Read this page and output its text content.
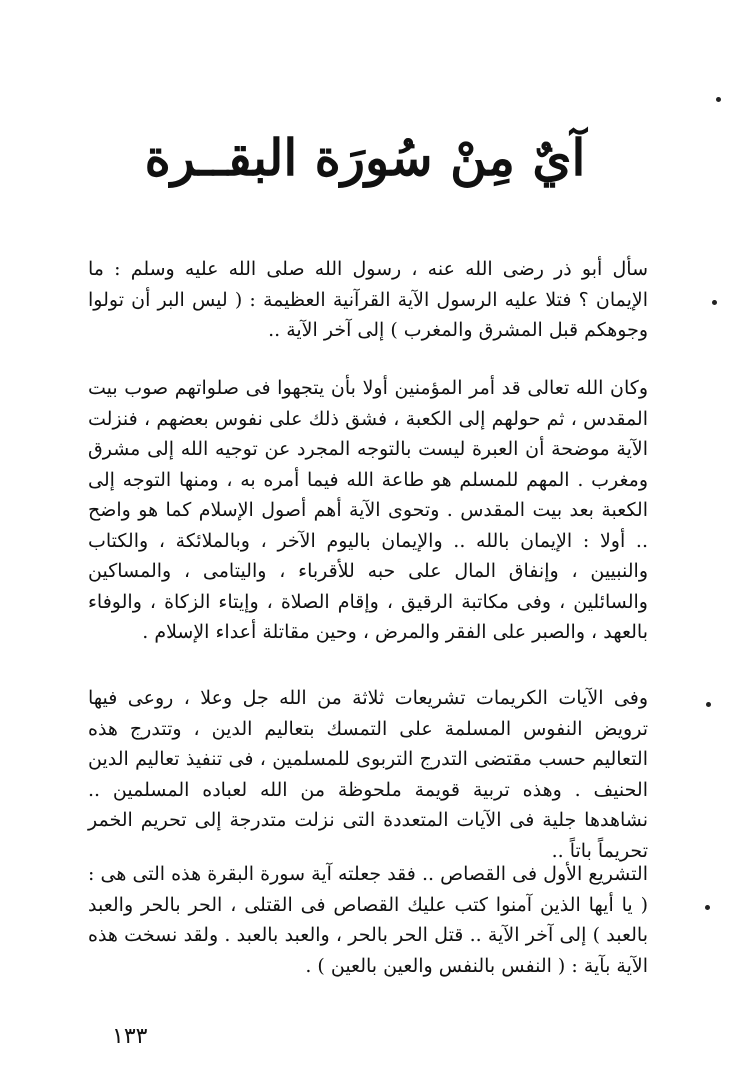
آيٌ مِنْ سُورَة البقــرة

سأل أبو ذر رضى الله عنه ، رسول الله صلى الله عليه وسلم : ما الإيمان ؟ فتلا عليه الرسول الآية القرآنية العظيمة : ( ليس البر أن تولوا وجوهكم قبل المشرق والمغرب ) إلى آخر الآية ..

وكان الله تعالى قد أمر المؤمنين أولا بأن يتجهوا فى صلواتهم صوب بيت المقدس ، ثم حولهم إلى الكعبة ، فشق ذلك على نفوس بعضهم ، فنزلت الآية موضحة أن العبرة ليست بالتوجه المجرد عن توجيه الله إلى مشرق ومغرب . المهم للمسلم هو طاعة الله فيما أمره به ، ومنها التوجه إلى الكعبة بعد بيت المقدس . وتحوى الآية أهم أصول الإسلام كما هو واضح .. أولا : الإيمان بالله .. والإيمان باليوم الآخر ، وبالملائكة ، والكتاب والنبيين ، وإنفاق المال على حبه للأقرباء ، واليتامى ، والمساكين والسائلين ، وفى مكاتبة الرقيق ، وإقام الصلاة ، وإيتاء الزكاة ، والوفاء بالعهد ، والصبر على الفقر والمرض ، وحين مقاتلة أعداء الإسلام .

وفى الآيات الكريمات تشريعات ثلاثة من الله جل وعلا ، روعى فيها ترويض النفوس المسلمة على التمسك بتعاليم الدين ، وتتدرج هذه التعاليم حسب مقتضى التدرج التربوى للمسلمين ، فى تنفيذ تعاليم الدين الحنيف . وهذه تربية قويمة ملحوظة من الله لعباده المسلمين .. نشاهدها جلية فى الآيات المتعددة التى نزلت متدرجة إلى تحريم الخمر تحريماً باتاً ..

التشريع الأول فى القصاص .. فقد جعلته آية سورة البقرة هذه التى هى : ( يا أيها الذين آمنوا كتب عليك القصاص فى القتلى ، الحر بالحر والعبد بالعبد ) إلى آخر الآية .. قتل الحر بالحر ، والعبد بالعبد . ولقد نسخت هذه الآية بآية : ( النفس بالنفس والعين بالعين ) .

١٣٣
